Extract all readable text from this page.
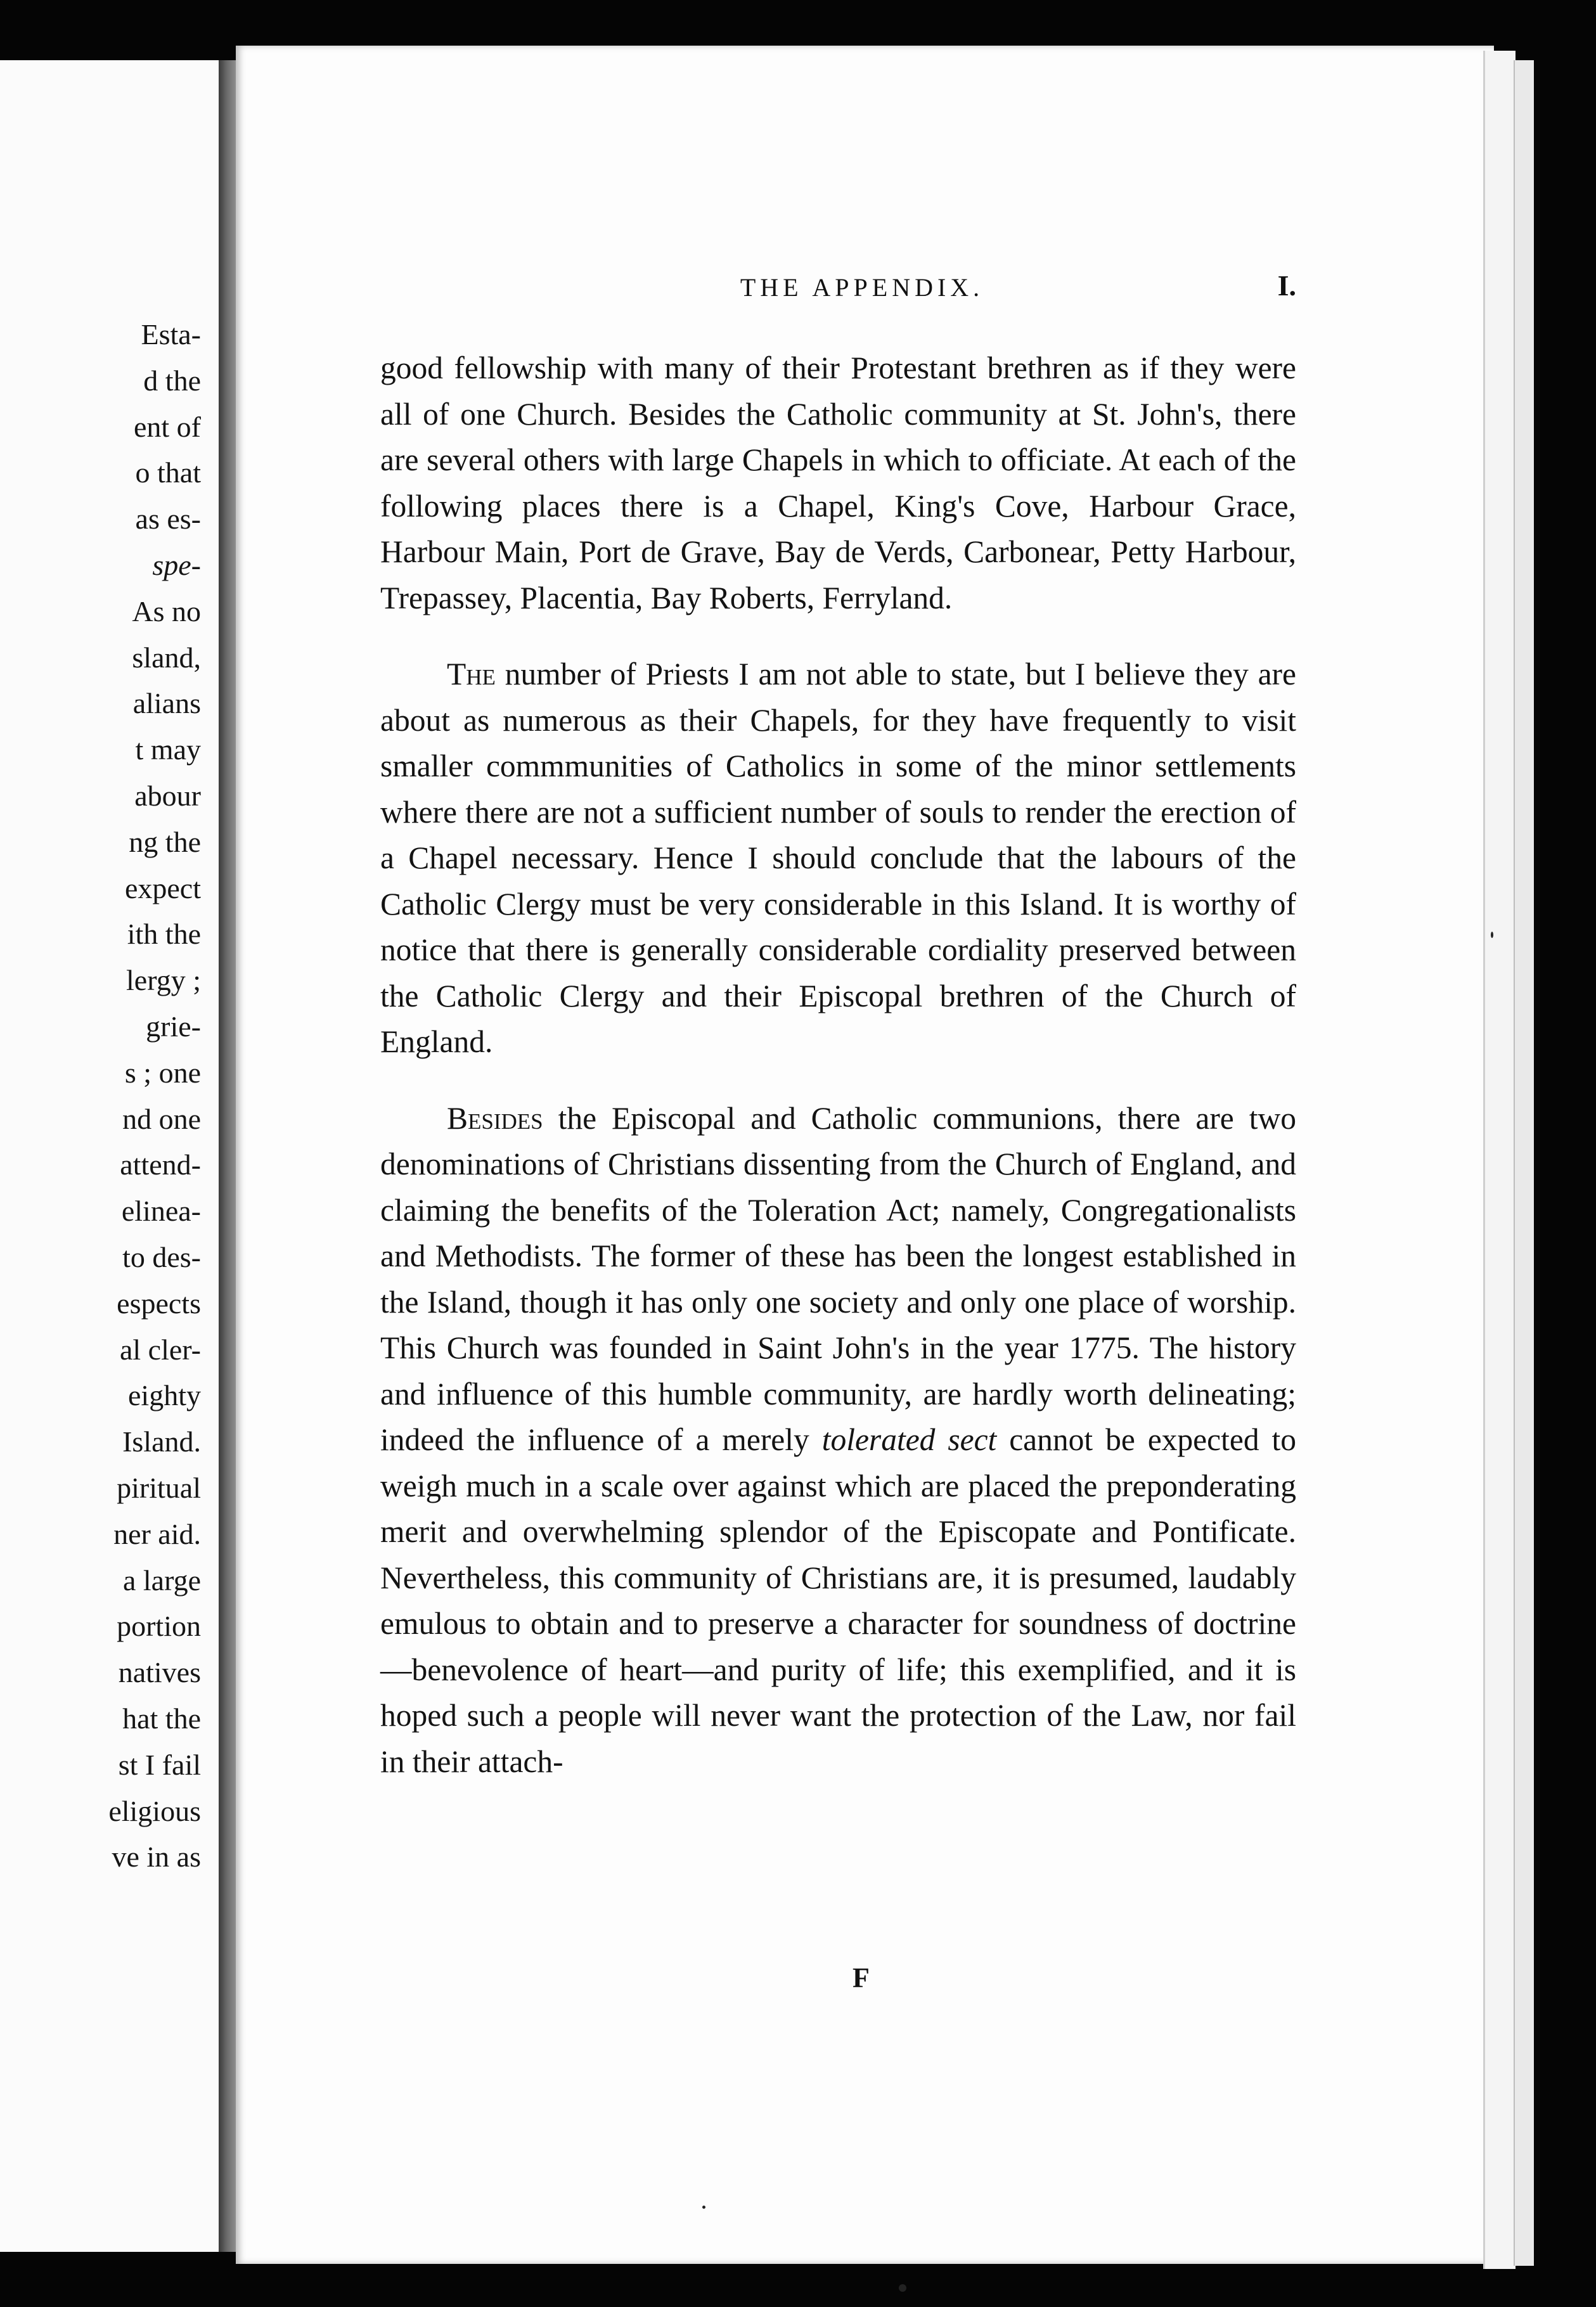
Esta-
d the
ent of
o that
as es-
spe-
As no
sland,
alians
t may
abour
ng the
expect
ith the
lergy ;
grie-
s ; one
nd one
attend-
elinea-
to des-
espects
al cler-
eighty
Island.
piritual
ner aid.
a large
portion
natives
hat the
st I fail
eligious
ve in as
THE APPENDIX.	I.

good fellowship with many of their Protestant brethren as if they were all of one Church. Besides the Catholic community at St. John's, there are several others with large Chapels in which to officiate. At each of the following places there is a Chapel, King's Cove, Harbour Grace, Harbour Main, Port de Grave, Bay de Verds, Carbonear, Petty Harbour, Trepassey, Placentia, Bay Roberts, Ferryland.

The number of Priests I am not able to state, but I believe they are about as numerous as their Chapels, for they have frequently to visit smaller commmunities of Catholics in some of the minor settlements where there are not a sufficient number of souls to render the erection of a Chapel necessary. Hence I should conclude that the labours of the Catholic Clergy must be very considerable in this Island. It is worthy of notice that there is generally considerable cordiality preserved between the Catholic Clergy and their Episcopal brethren of the Church of England.

Besides the Episcopal and Catholic communions, there are two denominations of Christians dissenting from the Church of England, and claiming the benefits of the Toleration Act; namely, Congregationalists and Methodists. The former of these has been the longest established in the Island, though it has only one society and only one place of worship. This Church was founded in Saint John's in the year 1775. The history and influence of this humble community, are hardly worth delineating; indeed the influence of a merely tolerated sect cannot be expected to weigh much in a scale over against which are placed the preponderating merit and overwhelming splendor of the Episcopate and Pontificate. Nevertheless, this community of Christians are, it is presumed, laudably emulous to obtain and to preserve a character for soundness of doctrine—benevolence of heart—and purity of life; this exemplified, and it is hoped such a people will never want the protection of the Law, nor fail in their attach-

F
